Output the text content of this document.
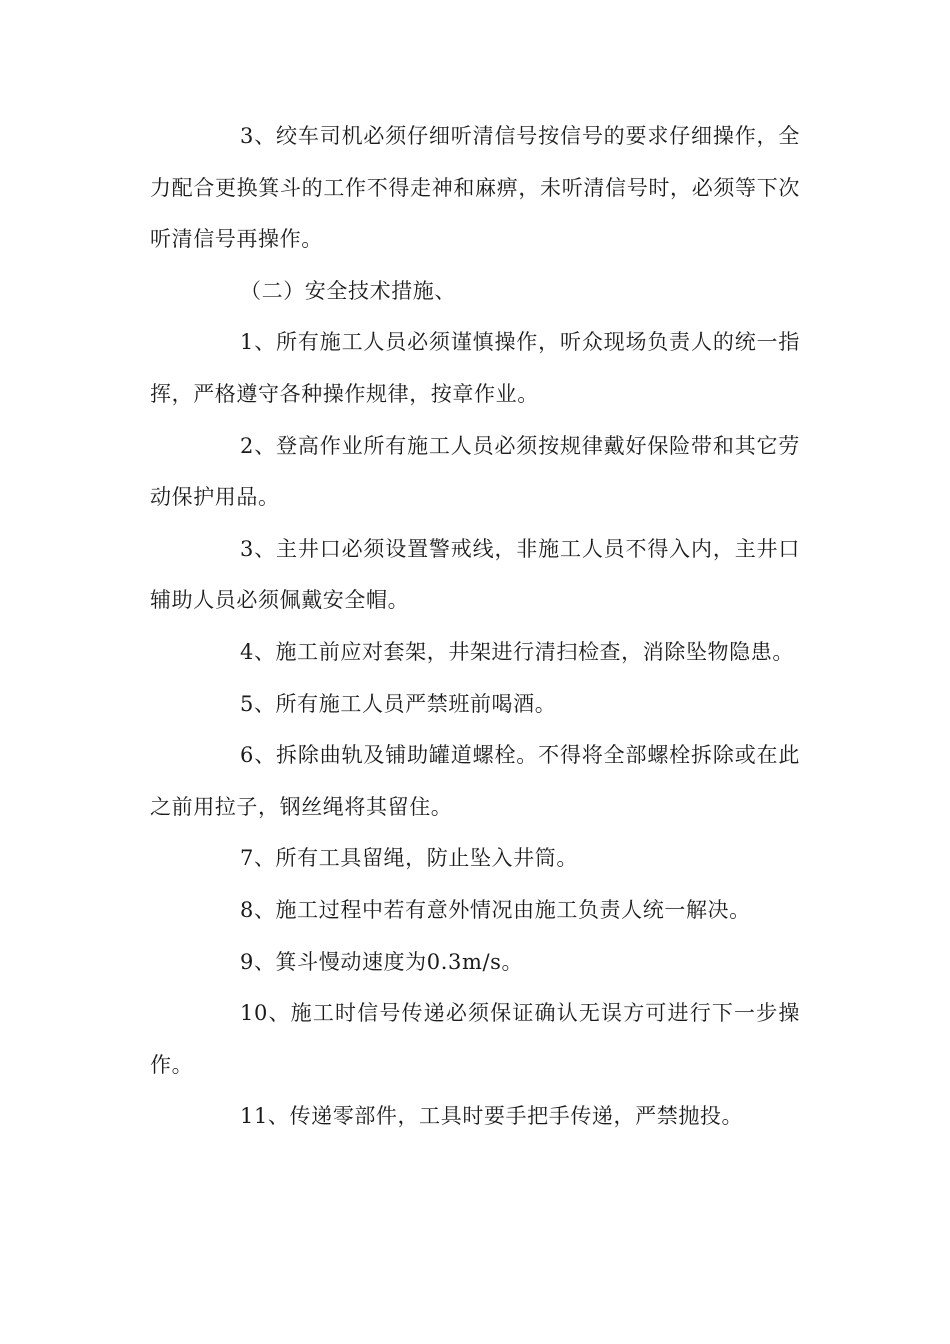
3、绞车司机必须仔细听清信号按信号的要求仔细操作，全力配合更换箕斗的工作不得走神和麻痹，未听清信号时，必须等下次听清信号再操作。

（二）安全技术措施、

1、所有施工人员必须谨慎操作，听众现场负责人的统一指挥，严格遵守各种操作规律，按章作业。

2、登高作业所有施工人员必须按规律戴好保险带和其它劳动保护用品。

3、主井口必须设置警戒线，非施工人员不得入内，主井口辅助人员必须佩戴安全帽。

4、施工前应对套架，井架进行清扫检查，消除坠物隐患。

5、所有施工人员严禁班前喝酒。

6、拆除曲轨及铺助罐道螺栓。不得将全部螺栓拆除或在此之前用拉子，钢丝绳将其留住。

7、所有工具留绳，防止坠入井筒。

8、施工过程中若有意外情况由施工负责人统一解决。

9、箕斗慢动速度为0.3m/s。

10、施工时信号传递必须保证确认无误方可进行下一步操作。

11、传递零部件，工具时要手把手传递，严禁抛投。
